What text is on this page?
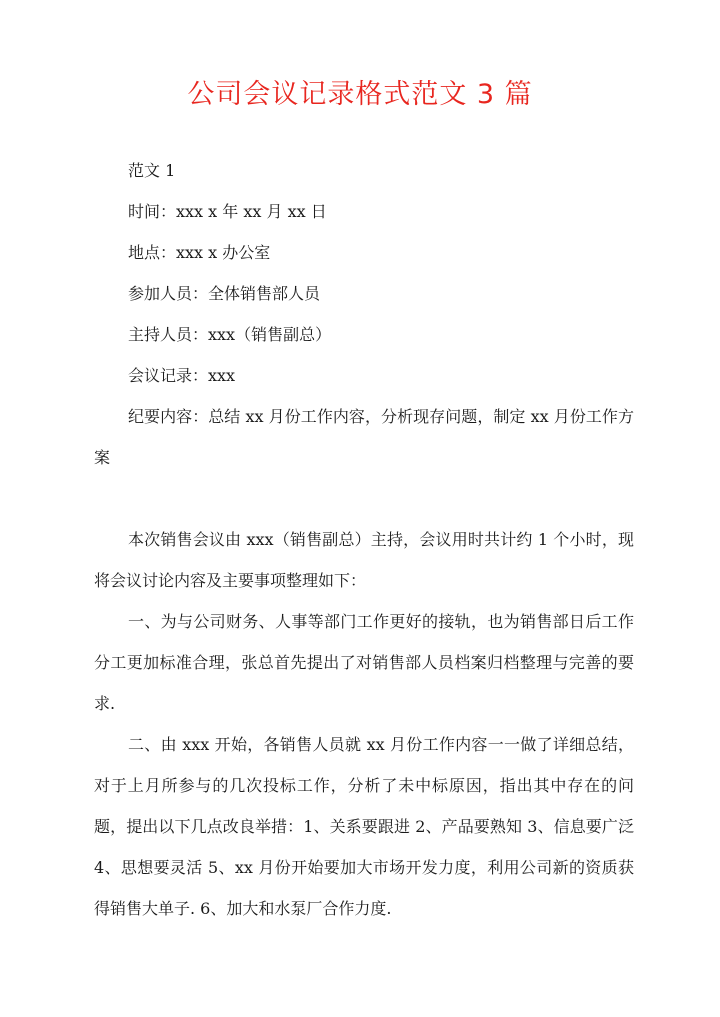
公司会议记录格式范文 3 篇

范文 1

时间：xxx x 年 xx 月 xx 日

地点：xxx x 办公室

参加人员：全体销售部人员

主持人员：xxx（销售副总）

会议记录：xxx

纪要内容：总结 xx 月份工作内容，分析现存问题，制定 xx 月份工作方案

本次销售会议由 xxx（销售副总）主持，会议用时共计约 1 个小时，现将会议讨论内容及主要事项整理如下：

一、为与公司财务、人事等部门工作更好的接轨，也为销售部日后工作分工更加标准合理，张总首先提出了对销售部人员档案归档整理与完善的要求.

二、由 xxx 开始，各销售人员就 xx 月份工作内容一一做了详细总结，对于上月所参与的几次投标工作，分析了未中标原因，指出其中存在的问题，提出以下几点改良举措：1、关系要跟进 2、产品要熟知 3、信息要广泛 4、思想要灵活 5、xx 月份开始要加大市场开发力度，利用公司新的资质获得销售大单子. 6、加大和水泵厂合作力度.
